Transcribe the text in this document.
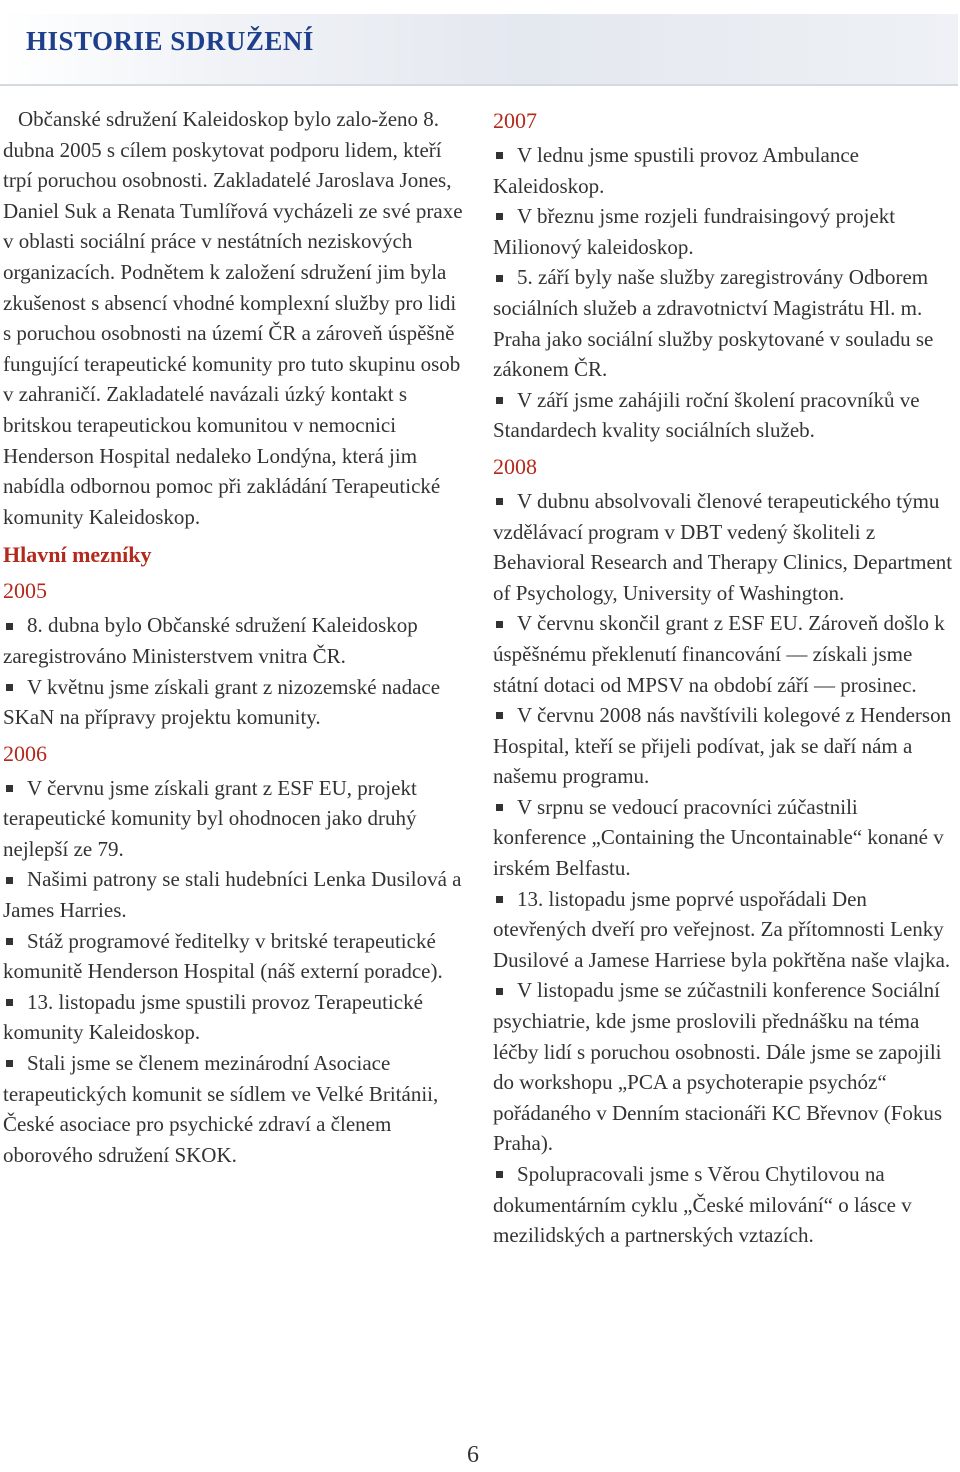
HISTORIE SDRUŽENÍ

Občanské sdružení Kaleidoskop bylo zalo-ženo 8. dubna 2005 s cílem poskytovat podporu lidem, kteří trpí poruchou osobnosti. Zakladatelé Jaroslava Jones, Daniel Suk a Renata Tumlířová vycházeli ze své praxe v oblasti sociální práce v nestátních neziskových organizacích. Podnětem k založení sdružení jim byla zkušenost s absencí vhodné komplexní služby pro lidi s poruchou osobnosti na území ČR a zároveň úspěšně fungující terapeutické komunity pro tuto skupinu osob v zahraničí. Zakladatelé navázali úzký kontakt s britskou terapeutickou komunitou v nemocnici Henderson Hospital nedaleko Londýna, která jim nabídla odbornou pomoc při zakládání Terapeutické komunity Kaleidoskop.

Hlavní mezníky
2005
8. dubna bylo Občanské sdružení Kaleidoskop zaregistrováno Ministerstvem vnitra ČR.
V květnu jsme získali grant z nizozemské nadace SKaN na přípravy projektu komunity.
2006
V červnu jsme získali grant z ESF EU, projekt terapeutické komunity byl ohodnocen jako druhý nejlepší ze 79.
Našimi patrony se stali hudebníci Lenka Dusilová a James Harries.
Stáž programové ředitelky v britské terapeutické komunitě Henderson Hospital (náš externí poradce).
13. listopadu jsme spustili provoz Terapeutické komunity Kaleidoskop.
Stali jsme se členem mezinárodní Asociace terapeutických komunit se sídlem ve Velké Británii, České asociace pro psychické zdraví a členem oborového sdružení SKOK.
2007
V lednu jsme spustili provoz Ambulance Kaleidoskop.
V březnu jsme rozjeli fundraisingový projekt Milionový kaleidoskop.
5. září byly naše služby zaregistrovány Odborem sociálních služeb a zdravotnictví Magistrátu Hl. m. Praha jako sociální služby poskytované v souladu se zákonem ČR.
V září jsme zahájili roční školení pracovníků ve Standardech kvality sociálních služeb.
2008
V dubnu absolvovali členové terapeutického týmu vzdělávací program v DBT vedený školiteli z Behavioral Research and Therapy Clinics, Department of Psychology, University of Washington.
V červnu skončil grant z ESF EU. Zároveň došlo k úspěšnému překlenutí financování — získali jsme státní dotaci od MPSV na období září — prosinec.
V červnu 2008 nás navštívili kolegové z Henderson Hospital, kteří se přijeli podívat, jak se daří nám a našemu programu.
V srpnu se vedoucí pracovníci zúčastnili konference „Containing the Uncontainable“ konané v irském Belfastu.
13. listopadu jsme poprvé uspořádali Den otevřených dveří pro veřejnost. Za přítomnosti Lenky Dusilové a Jamese Harriese byla pokřtěna naše vlajka.
V listopadu jsme se zúčastnili konference Sociální psychiatrie, kde jsme proslovili přednášku na téma léčby lidí s poruchou osobnosti. Dále jsme se zapojili do workshopu „PCA a psychoterapie psychóz“ pořádaného v Denním stacionáři KC Břevnov (Fokus Praha).
Spolupracovali jsme s Věrou Chytilovou na dokumentárním cyklu „České milování“ o lásce v mezilidských a partnerských vztazích.
6
